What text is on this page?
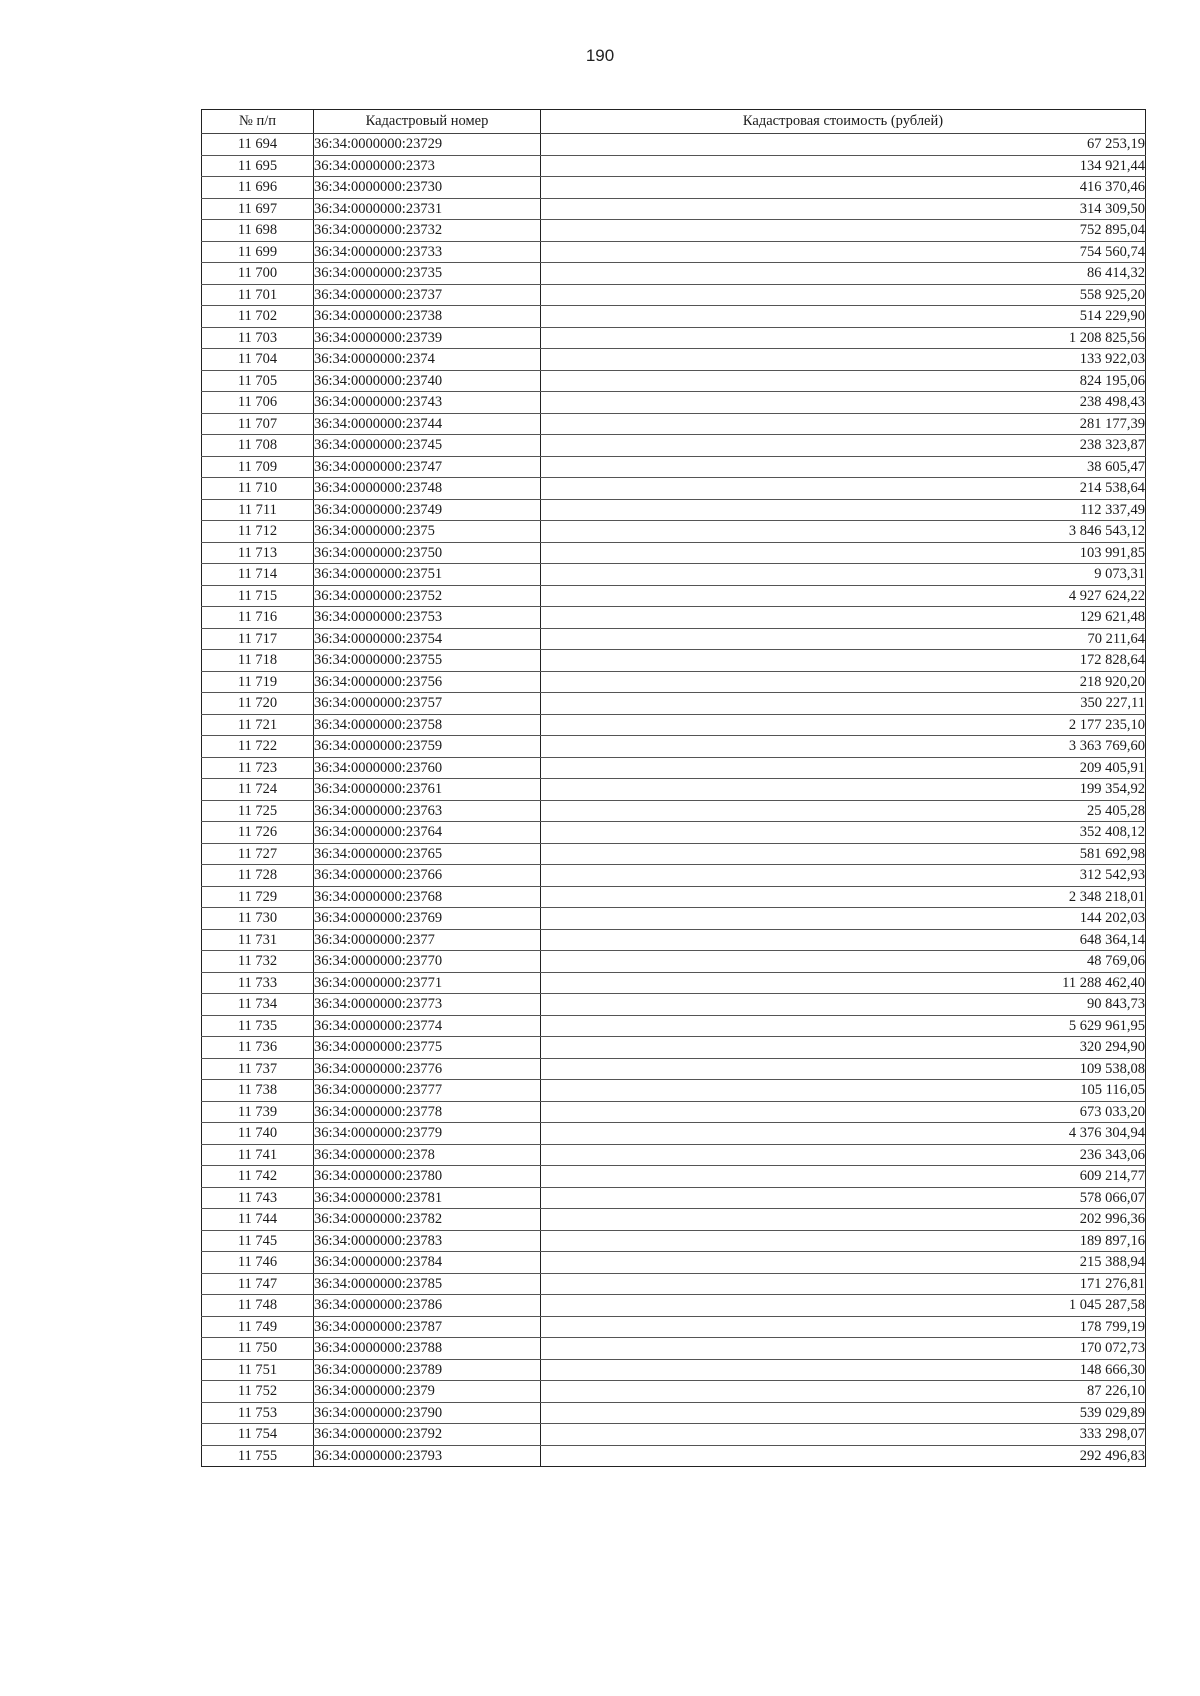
190
№ п/п	Кадастровый номер	Кадастровая стоимость (рублей)
11 694	36:34:0000000:23729	67 253,19
11 695	36:34:0000000:2373	134 921,44
11 696	36:34:0000000:23730	416 370,46
11 697	36:34:0000000:23731	314 309,50
11 698	36:34:0000000:23732	752 895,04
11 699	36:34:0000000:23733	754 560,74
11 700	36:34:0000000:23735	86 414,32
11 701	36:34:0000000:23737	558 925,20
11 702	36:34:0000000:23738	514 229,90
11 703	36:34:0000000:23739	1 208 825,56
11 704	36:34:0000000:2374	133 922,03
11 705	36:34:0000000:23740	824 195,06
11 706	36:34:0000000:23743	238 498,43
11 707	36:34:0000000:23744	281 177,39
11 708	36:34:0000000:23745	238 323,87
11 709	36:34:0000000:23747	38 605,47
11 710	36:34:0000000:23748	214 538,64
11 711	36:34:0000000:23749	112 337,49
11 712	36:34:0000000:2375	3 846 543,12
11 713	36:34:0000000:23750	103 991,85
11 714	36:34:0000000:23751	9 073,31
11 715	36:34:0000000:23752	4 927 624,22
11 716	36:34:0000000:23753	129 621,48
11 717	36:34:0000000:23754	70 211,64
11 718	36:34:0000000:23755	172 828,64
11 719	36:34:0000000:23756	218 920,20
11 720	36:34:0000000:23757	350 227,11
11 721	36:34:0000000:23758	2 177 235,10
11 722	36:34:0000000:23759	3 363 769,60
11 723	36:34:0000000:23760	209 405,91
11 724	36:34:0000000:23761	199 354,92
11 725	36:34:0000000:23763	25 405,28
11 726	36:34:0000000:23764	352 408,12
11 727	36:34:0000000:23765	581 692,98
11 728	36:34:0000000:23766	312 542,93
11 729	36:34:0000000:23768	2 348 218,01
11 730	36:34:0000000:23769	144 202,03
11 731	36:34:0000000:2377	648 364,14
11 732	36:34:0000000:23770	48 769,06
11 733	36:34:0000000:23771	11 288 462,40
11 734	36:34:0000000:23773	90 843,73
11 735	36:34:0000000:23774	5 629 961,95
11 736	36:34:0000000:23775	320 294,90
11 737	36:34:0000000:23776	109 538,08
11 738	36:34:0000000:23777	105 116,05
11 739	36:34:0000000:23778	673 033,20
11 740	36:34:0000000:23779	4 376 304,94
11 741	36:34:0000000:2378	236 343,06
11 742	36:34:0000000:23780	609 214,77
11 743	36:34:0000000:23781	578 066,07
11 744	36:34:0000000:23782	202 996,36
11 745	36:34:0000000:23783	189 897,16
11 746	36:34:0000000:23784	215 388,94
11 747	36:34:0000000:23785	171 276,81
11 748	36:34:0000000:23786	1 045 287,58
11 749	36:34:0000000:23787	178 799,19
11 750	36:34:0000000:23788	170 072,73
11 751	36:34:0000000:23789	148 666,30
11 752	36:34:0000000:2379	87 226,10
11 753	36:34:0000000:23790	539 029,89
11 754	36:34:0000000:23792	333 298,07
11 755	36:34:0000000:23793	292 496,83
